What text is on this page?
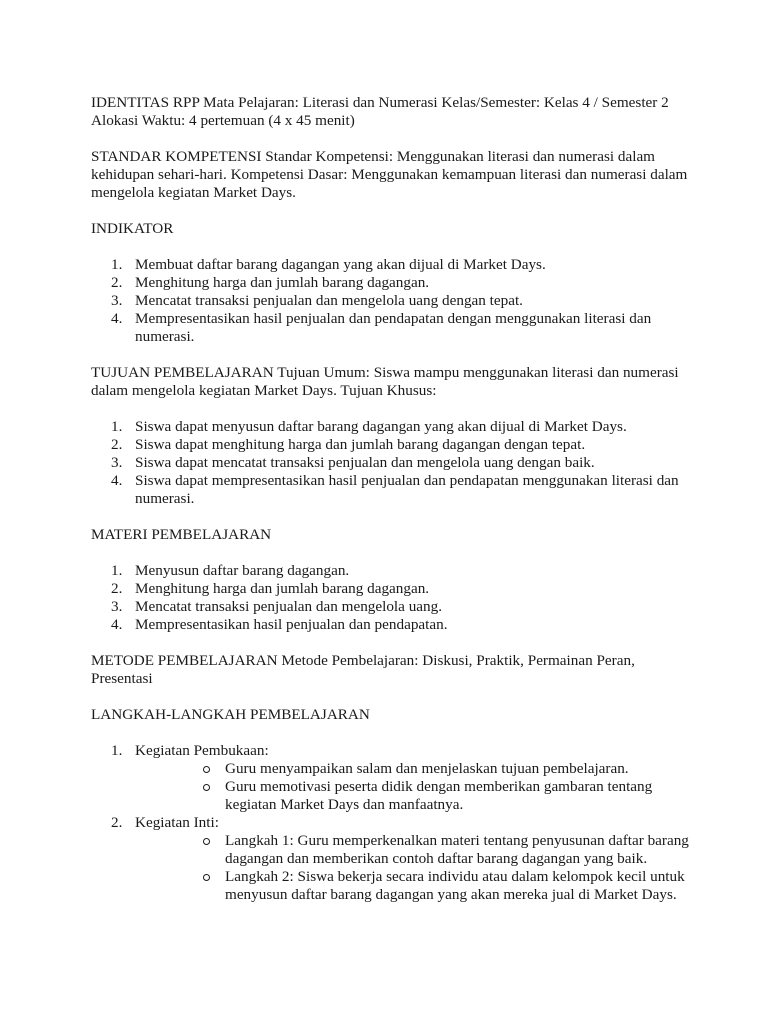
IDENTITAS RPP Mata Pelajaran: Literasi dan Numerasi Kelas/Semester: Kelas 4 / Semester 2 Alokasi Waktu: 4 pertemuan (4 x 45 menit)

STANDAR KOMPETENSI Standar Kompetensi: Menggunakan literasi dan numerasi dalam kehidupan sehari-hari. Kompetensi Dasar: Menggunakan kemampuan literasi dan numerasi dalam mengelola kegiatan Market Days.

INDIKATOR

1. Membuat daftar barang dagangan yang akan dijual di Market Days.
2. Menghitung harga dan jumlah barang dagangan.
3. Mencatat transaksi penjualan dan mengelola uang dengan tepat.
4. Mempresentasikan hasil penjualan dan pendapatan dengan menggunakan literasi dan numerasi.

TUJUAN PEMBELAJARAN Tujuan Umum: Siswa mampu menggunakan literasi dan numerasi dalam mengelola kegiatan Market Days. Tujuan Khusus:

1. Siswa dapat menyusun daftar barang dagangan yang akan dijual di Market Days.
2. Siswa dapat menghitung harga dan jumlah barang dagangan dengan tepat.
3. Siswa dapat mencatat transaksi penjualan dan mengelola uang dengan baik.
4. Siswa dapat mempresentasikan hasil penjualan dan pendapatan menggunakan literasi dan numerasi.

MATERI PEMBELAJARAN

1. Menyusun daftar barang dagangan.
2. Menghitung harga dan jumlah barang dagangan.
3. Mencatat transaksi penjualan dan mengelola uang.
4. Mempresentasikan hasil penjualan dan pendapatan.

METODE PEMBELAJARAN Metode Pembelajaran: Diskusi, Praktik, Permainan Peran, Presentasi

LANGKAH-LANGKAH PEMBELAJARAN

1. Kegiatan Pembukaan:
Guru menyampaikan salam dan menjelaskan tujuan pembelajaran.
Guru memotivasi peserta didik dengan memberikan gambaran tentang kegiatan Market Days dan manfaatnya.
2. Kegiatan Inti:
Langkah 1: Guru memperkenalkan materi tentang penyusunan daftar barang dagangan dan memberikan contoh daftar barang dagangan yang baik.
Langkah 2: Siswa bekerja secara individu atau dalam kelompok kecil untuk menyusun daftar barang dagangan yang akan mereka jual di Market Days.
